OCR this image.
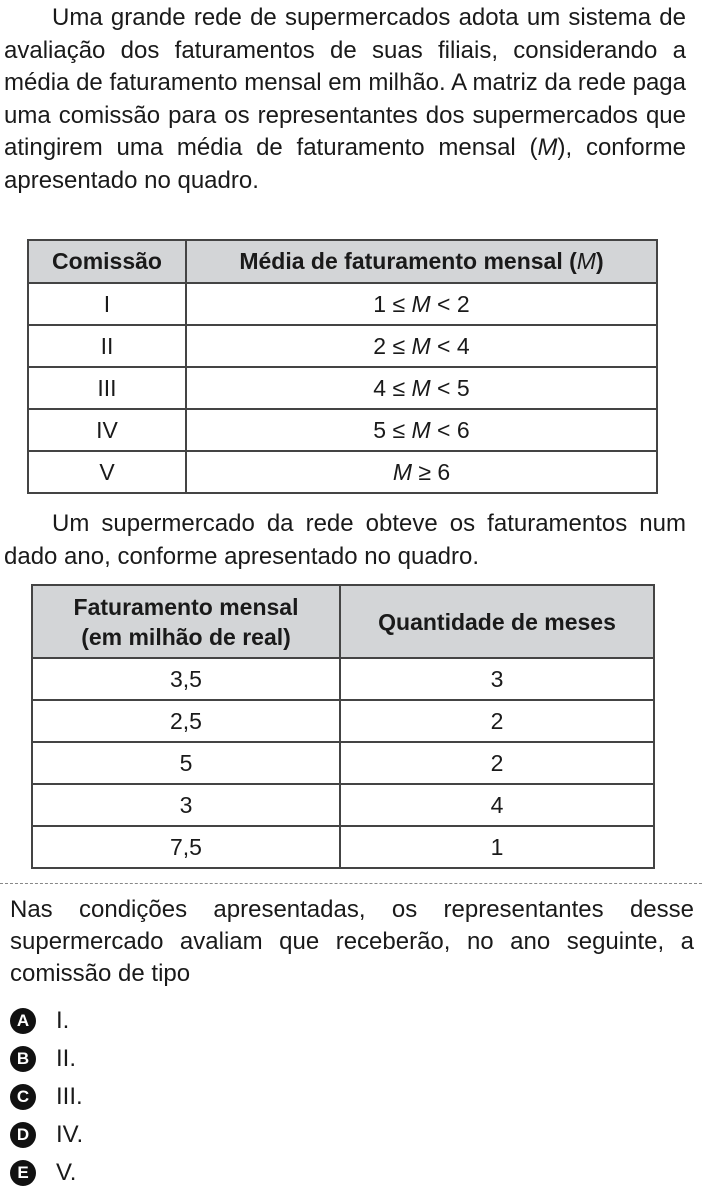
Uma grande rede de supermercados adota um sistema de avaliação dos faturamentos de suas filiais, considerando a média de faturamento mensal em milhão. A matriz da rede paga uma comissão para os representantes dos supermercados que atingirem uma média de faturamento mensal (M), conforme apresentado no quadro.

Comissão	Média de faturamento mensal (M)
I	1 ≤ M < 2
II	2 ≤ M < 4
III	4 ≤ M < 5
IV	5 ≤ M < 6
V	M ≥ 6

Um supermercado da rede obteve os faturamentos num dado ano, conforme apresentado no quadro.

Faturamento mensal
(em milhão de real)	Quantidade de meses
3,5	3
2,5	2
5	2
3	4
7,5	1

Nas condições apresentadas, os representantes desse supermercado avaliam que receberão, no ano seguinte, a comissão de tipo

A I.
B II.
C III.
D IV.
E	V.
